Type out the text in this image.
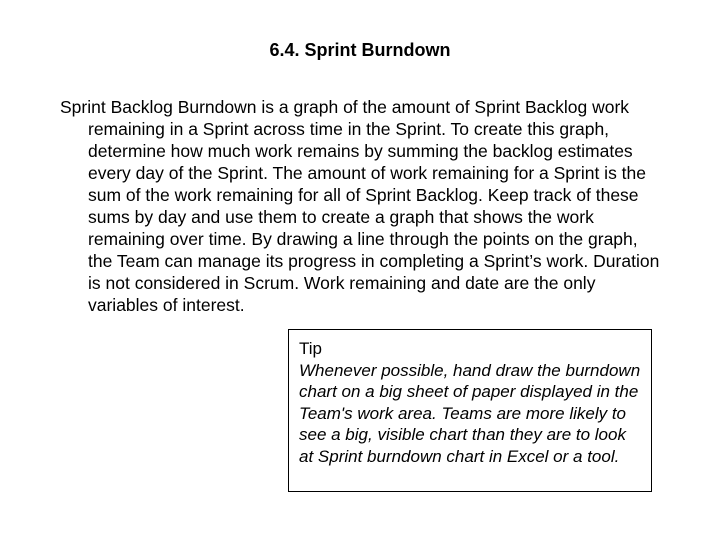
6.4. Sprint Burndown
Sprint Backlog Burndown is a graph of the amount of Sprint Backlog work remaining in a Sprint across time in the Sprint. To create this graph, determine how much work remains by summing the backlog estimates every day of the Sprint. The amount of work remaining for a Sprint is the sum of the work remaining for all of Sprint Backlog. Keep track of these sums by day and use them to create a graph that shows the work remaining over time. By drawing a line through the points on the graph, the Team can manage its progress in completing a Sprint’s work. Duration is not considered in Scrum. Work remaining and date are the only variables of interest.
Tip
Whenever possible, hand draw the burndown chart on a big sheet of paper displayed in the Team's work area. Teams are more likely to see a big, visible chart than they are to look at Sprint burndown chart in Excel or a tool.
